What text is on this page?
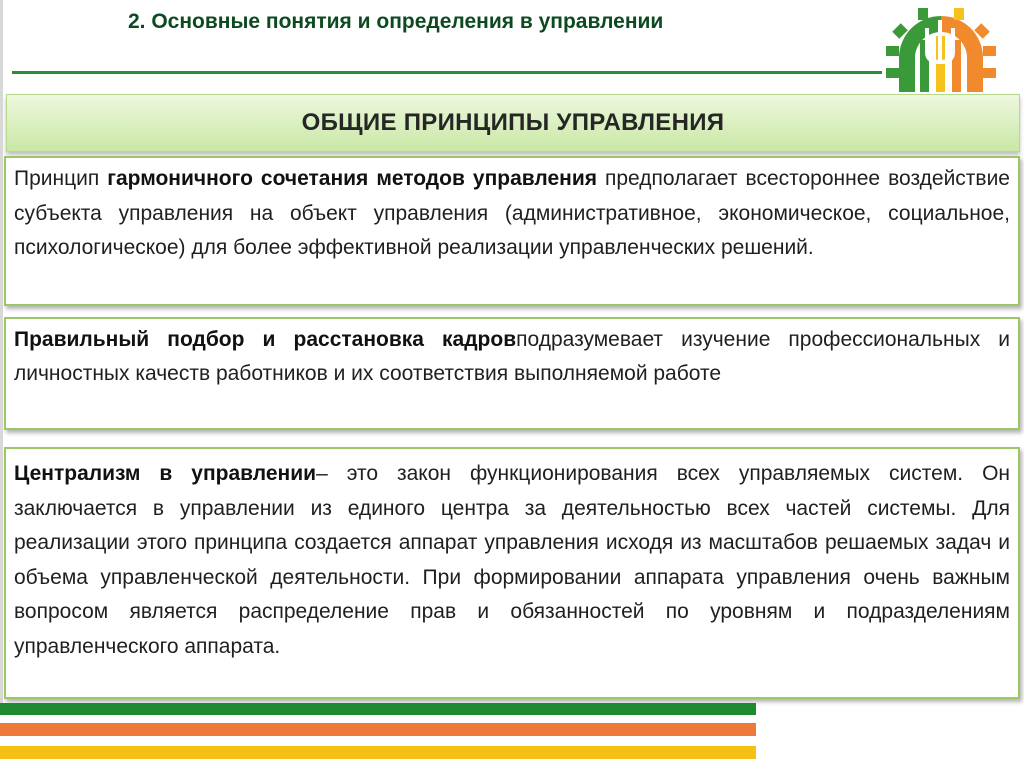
2. Основные понятия и определения в управлении
ОБЩИЕ ПРИНЦИПЫ УПРАВЛЕНИЯ
Принцип гармоничного сочетания методов управления предполагает всестороннее воздействие субъекта управления на объект управления (административное, экономическое, социальное, психологическое) для более эффективной реализации управленческих решений.
Правильный подбор и расстановка кадровподразумевает изучение профессиональных и личностных качеств работников и их соответствия выполняемой работе
Централизм в управлении– это закон функционирования всех управляемых систем. Он заключается в управлении из единого центра за деятельностью всех частей системы. Для реализации этого принципа создается аппарат управления исходя из масштабов решаемых задач и объема управленческой деятельности. При формировании аппарата управления очень важным вопросом является распределение прав и обязанностей по уровням и подразделениям управленческого аппарата.
